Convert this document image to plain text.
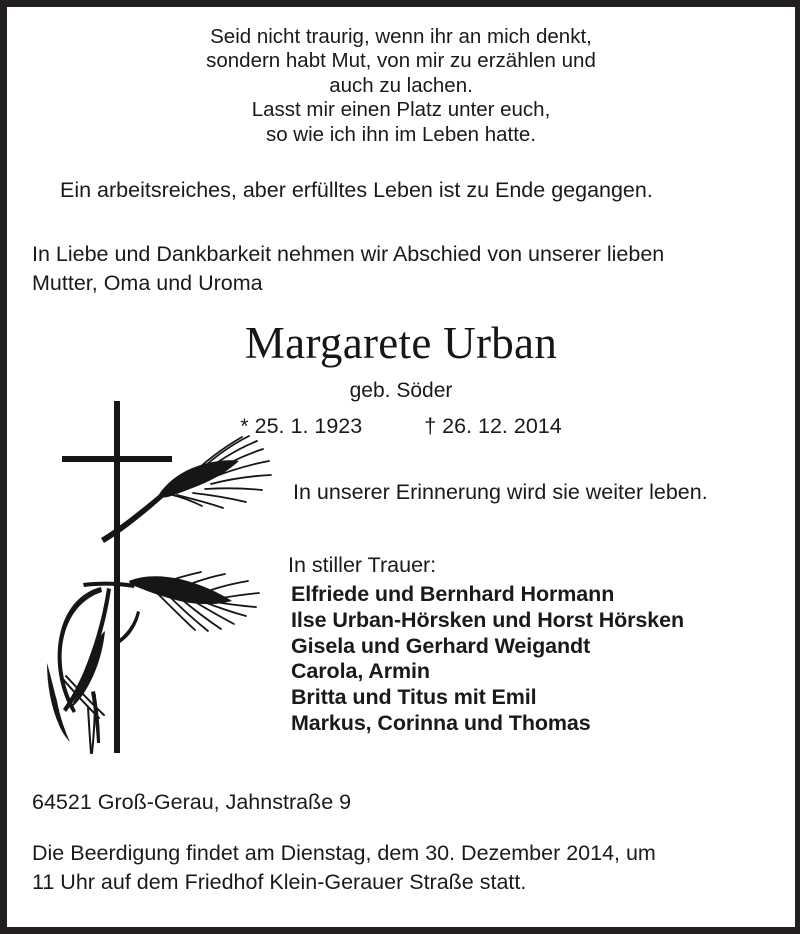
Seid nicht traurig, wenn ihr an mich denkt,
sondern habt Mut, von mir zu erzählen und
auch zu lachen.
Lasst mir einen Platz unter euch,
so wie ich ihn im Leben hatte.
Ein arbeitsreiches, aber erfülltes Leben ist zu Ende gegangen.
In Liebe und Dankbarkeit nehmen wir Abschied von unserer lieben
Mutter, Oma und Uroma
Margarete Urban
geb. Söder
* 25. 1. 1923	† 26. 12. 2014
In unserer Erinnerung wird sie weiter leben.
In stiller Trauer:
Elfriede und Bernhard Hormann
Ilse Urban-Hörsken und Horst Hörsken
Gisela und Gerhard Weigandt
Carola, Armin
Britta und Titus mit Emil
Markus, Corinna und Thomas
64521 Groß-Gerau, Jahnstraße 9
Die Beerdigung findet am Dienstag, dem 30. Dezember 2014, um
11 Uhr auf dem Friedhof Klein-Gerauer Straße statt.
